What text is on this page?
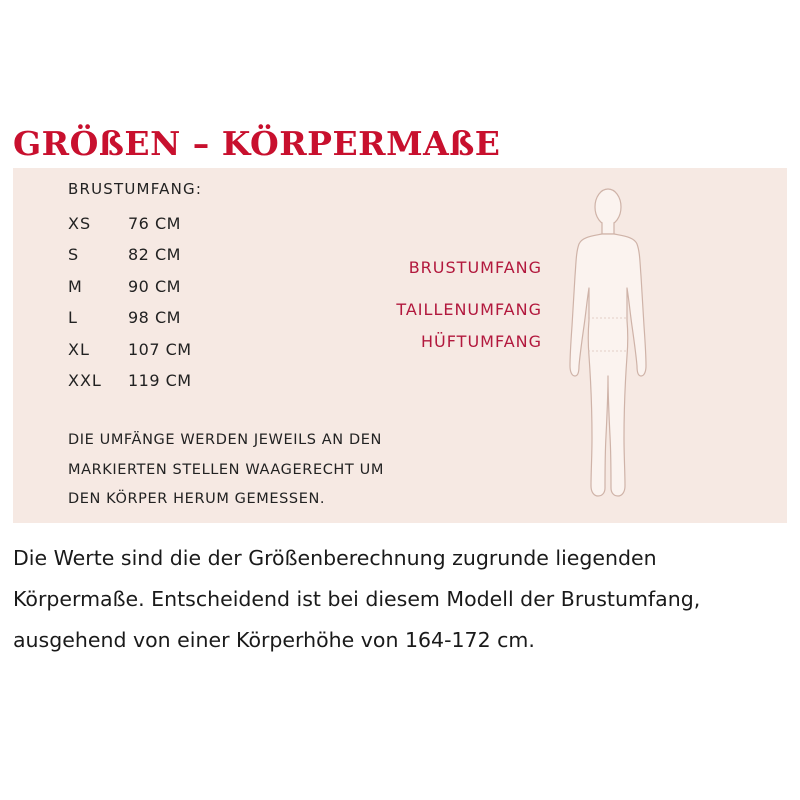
GRÖßEN – KÖRPERMAßE
BRUSTUMFANG:
XS 76 CM
S	82 CM
M	90 CM
L	98 CM
XL 107 CM
XXL 119 CM
DIE UMFÄNGE WERDEN JEWEILS AN DEN
MARKIERTEN STELLEN WAAGERECHT UM
DEN KÖRPER HERUM GEMESSEN.
BRUSTUMFANG
TAILLENUMFANG
HÜFTUMFANG
Die Werte sind die der Größenberechnung zugrunde liegenden
Körpermaße. Entscheidend ist bei diesem Modell der Brustumfang,
ausgehend von einer Körperhöhe von 164-172 cm.
